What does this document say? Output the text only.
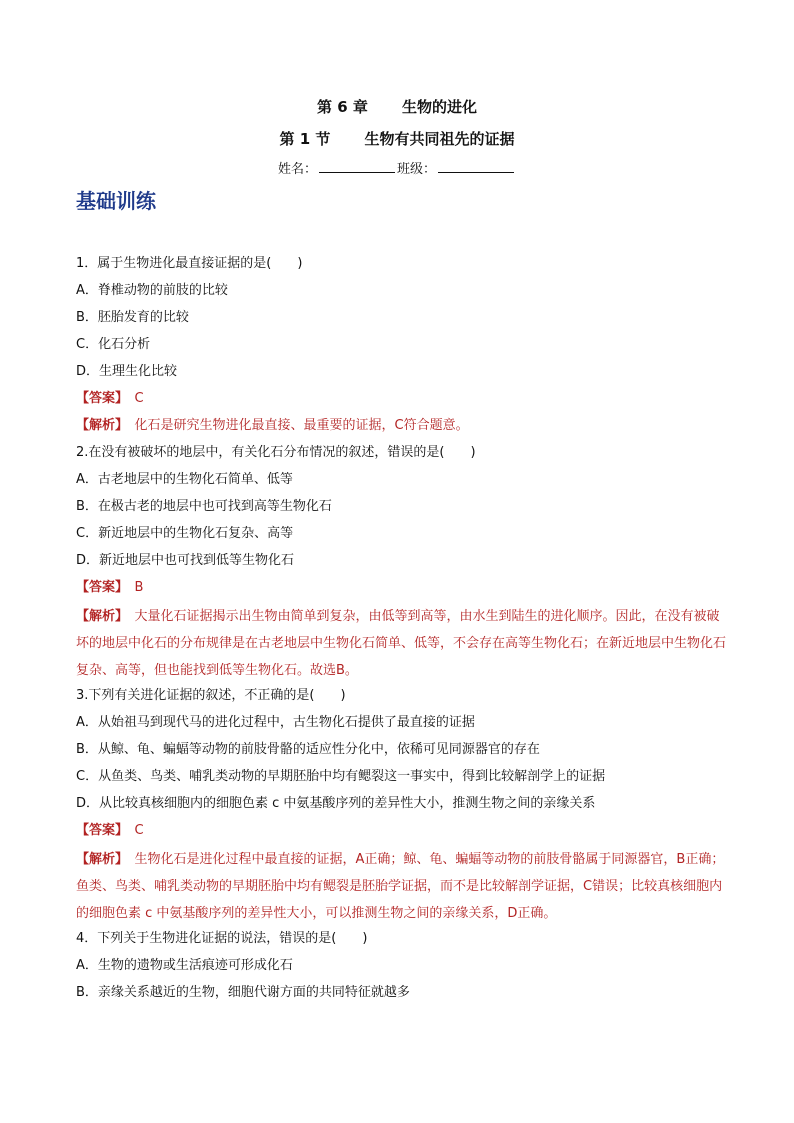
第 6 章 生物的进化
第 1 节 生物有共同祖先的证据
姓名：	班级：
基础训练
1．属于生物进化最直接证据的是(　　)
A．脊椎动物的前肢的比较
B．胚胎发育的比较
C．化石分析
D．生理生化比较
【答案】　 C
【解析】　 化石是研究生物进化最直接、最重要的证据，C符合题意。
2.在没有被破坏的地层中，有关化石分布情况的叙述，错误的是(　　)
A．古老地层中的生物化石简单、低等
B．在极古老的地层中也可找到高等生物化石
C．新近地层中的生物化石复杂、高等
D．新近地层中也可找到低等生物化石
【答案】　 B
【解析】　 大量化石证据揭示出生物由简单到复杂，由低等到高等，由水生到陆生的进化顺序。因此，在没有被破坏的地层中化石的分布规律是在古老地层中生物化石简单、低等，不会存在高等生物化石；在新近地层中生物化石复杂、高等，但也能找到低等生物化石。故选B。
3.下列有关进化证据的叙述，不正确的是(　　)
A．从始祖马到现代马的进化过程中，古生物化石提供了最直接的证据
B．从鲸、龟、蝙蝠等动物的前肢骨骼的适应性分化中，依稀可见同源器官的存在
C．从鱼类、鸟类、哺乳类动物的早期胚胎中均有鳃裂这一事实中，得到比较解剖学上的证据
D．从比较真核细胞内的细胞色素 c 中氨基酸序列的差异性大小，推测生物之间的亲缘关系
【答案】　 C
【解析】　 生物化石是进化过程中最直接的证据，A正确；鲸、龟、蝙蝠等动物的前肢骨骼属于同源器官，B正确；鱼类、鸟类、哺乳类动物的早期胚胎中均有鳃裂是胚胎学证据，而不是比较解剖学证据，C错误；比较真核细胞内的细胞色素 c 中氨基酸序列的差异性大小，可以推测生物之间的亲缘关系，D正确。
4．下列关于生物进化证据的说法，错误的是(　　)
A．生物的遗物或生活痕迹可形成化石
B．亲缘关系越近的生物，细胞代谢方面的共同特征就越多
